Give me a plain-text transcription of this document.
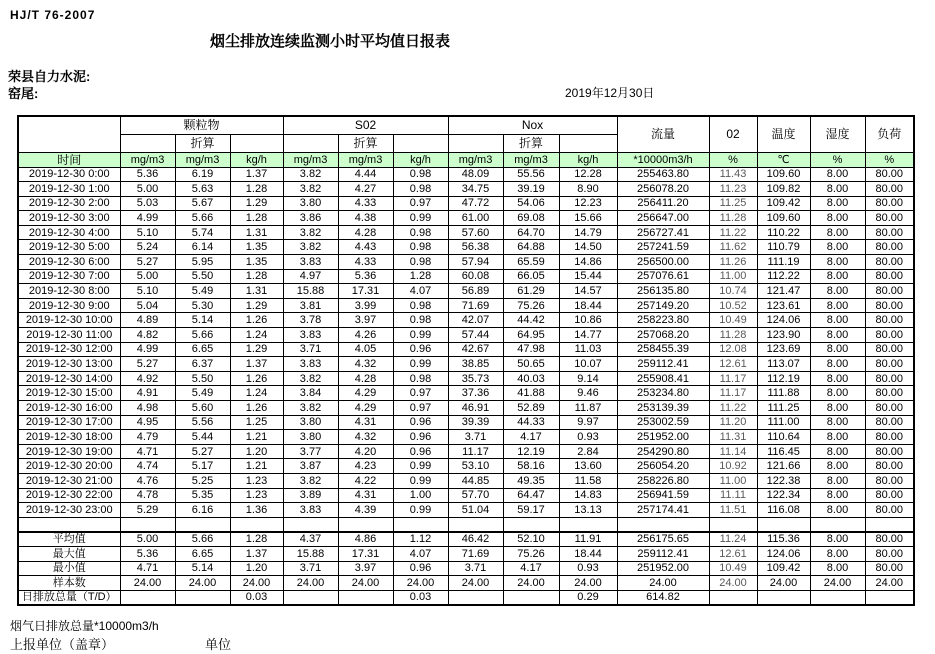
HJ/T 76-2007
烟尘排放连续监测小时平均值日报表
荣县自力水泥:
窑尾:	2019年12月30日
	颗粒物			S02			Nox			流量	02	温度	湿度	负荷
		折算			折算			折算						
时间	mg/m3	mg/m3	kg/h	mg/m3	mg/m3	kg/h	mg/m3	mg/m3	kg/h	*10000m3/h	%	℃	%	%
2019-12-30 0:00	5.36	6.19	1.37	3.82	4.44	0.98	48.09	55.56	12.28	255463.80	11.43	109.60	8.00	80.00
2019-12-30 1:00	5.00	5.63	1.28	3.82	4.27	0.98	34.75	39.19	8.90	256078.20	11.23	109.82	8.00	80.00
2019-12-30 2:00	5.03	5.67	1.29	3.80	4.33	0.97	47.72	54.06	12.23	256411.20	11.25	109.42	8.00	80.00
2019-12-30 3:00	4.99	5.66	1.28	3.86	4.38	0.99	61.00	69.08	15.66	256647.00	11.28	109.60	8.00	80.00
2019-12-30 4:00	5.10	5.74	1.31	3.82	4.28	0.98	57.60	64.70	14.79	256727.41	11.22	110.22	8.00	80.00
2019-12-30 5:00	5.24	6.14	1.35	3.82	4.43	0.98	56.38	64.88	14.50	257241.59	11.62	110.79	8.00	80.00
2019-12-30 6:00	5.27	5.95	1.35	3.83	4.33	0.98	57.94	65.59	14.86	256500.00	11.26	111.19	8.00	80.00
2019-12-30 7:00	5.00	5.50	1.28	4.97	5.36	1.28	60.08	66.05	15.44	257076.61	11.00	112.22	8.00	80.00
2019-12-30 8:00	5.10	5.49	1.31	15.88	17.31	4.07	56.89	61.29	14.57	256135.80	10.74	121.47	8.00	80.00
2019-12-30 9:00	5.04	5.30	1.29	3.81	3.99	0.98	71.69	75.26	18.44	257149.20	10.52	123.61	8.00	80.00
2019-12-30 10:00	4.89	5.14	1.26	3.78	3.97	0.98	42.07	44.42	10.86	258223.80	10.49	124.06	8.00	80.00
2019-12-30 11:00	4.82	5.66	1.24	3.83	4.26	0.99	57.44	64.95	14.77	257068.20	11.28	123.90	8.00	80.00
2019-12-30 12:00	4.99	6.65	1.29	3.71	4.05	0.96	42.67	47.98	11.03	258455.39	12.08	123.69	8.00	80.00
2019-12-30 13:00	5.27	6.37	1.37	3.83	4.32	0.99	38.85	50.65	10.07	259112.41	12.61	113.07	8.00	80.00
2019-12-30 14:00	4.92	5.50	1.26	3.82	4.28	0.98	35.73	40.03	9.14	255908.41	11.17	112.19	8.00	80.00
2019-12-30 15:00	4.91	5.49	1.24	3.84	4.29	0.97	37.36	41.88	9.46	253234.80	11.17	111.88	8.00	80.00
2019-12-30 16:00	4.98	5.60	1.26	3.82	4.29	0.97	46.91	52.89	11.87	253139.39	11.22	111.25	8.00	80.00
2019-12-30 17:00	4.95	5.56	1.25	3.80	4.31	0.96	39.39	44.33	9.97	253002.59	11.20	111.00	8.00	80.00
2019-12-30 18:00	4.79	5.44	1.21	3.80	4.32	0.96	3.71	4.17	0.93	251952.00	11.31	110.64	8.00	80.00
2019-12-30 19:00	4.71	5.27	1.20	3.77	4.20	0.96	11.17	12.19	2.84	254290.80	11.14	116.45	8.00	80.00
2019-12-30 20:00	4.74	5.17	1.21	3.87	4.23	0.99	53.10	58.16	13.60	256054.20	10.92	121.66	8.00	80.00
2019-12-30 21:00	4.76	5.25	1.23	3.82	4.22	0.99	44.85	49.35	11.58	258226.80	11.00	122.38	8.00	80.00
2019-12-30 22:00	4.78	5.35	1.23	3.89	4.31	1.00	57.70	64.47	14.83	256941.59	11.11	122.34	8.00	80.00
2019-12-30 23:00	5.29	6.16	1.36	3.83	4.39	0.99	51.04	59.17	13.13	257174.41	11.51	116.08	8.00	80.00

平均值	5.00	5.66	1.28	4.37	4.86	1.12	46.42	52.10	11.91	256175.65	11.24	115.36	8.00	80.00
最大值	5.36	6.65	1.37	15.88	17.31	4.07	71.69	75.26	18.44	259112.41	12.61	124.06	8.00	80.00
最小值	4.71	5.14	1.20	3.71	3.97	0.96	3.71	4.17	0.93	251952.00	10.49	109.42	8.00	80.00
样本数	24.00	24.00	24.00	24.00	24.00	24.00	24.00	24.00	24.00	24.00	24.00	24.00	24.00	24.00
日排放总量（T/D）			0.03			0.03			0.29	614.82				
烟气日排放总量*10000m3/h
上报单位（盖章）	单位
